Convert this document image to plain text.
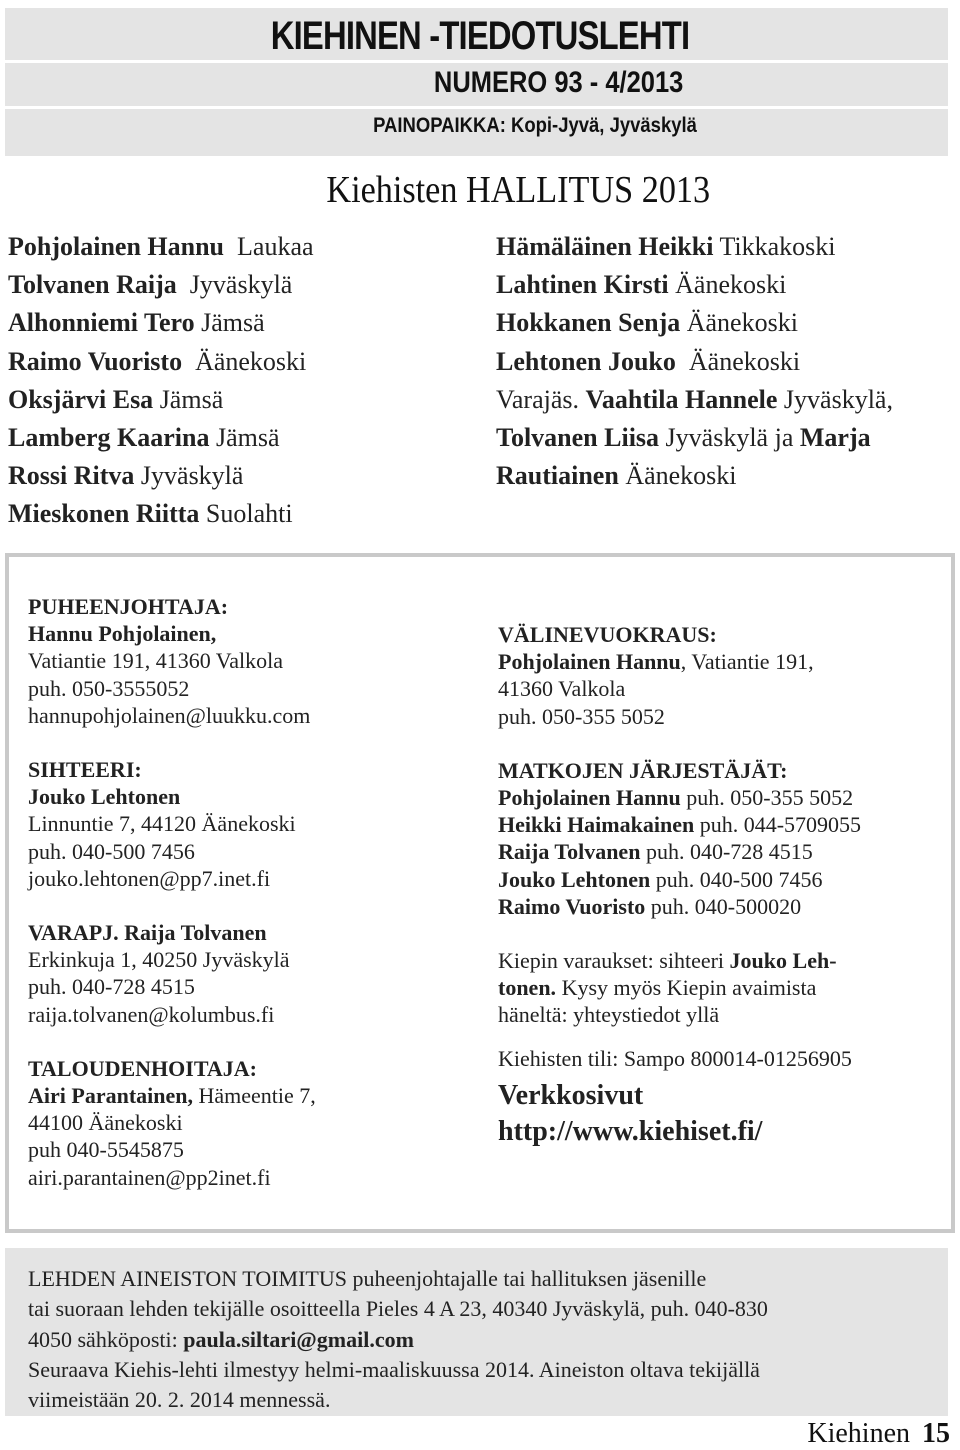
KIEHINEN -TIEDOTUSLEHTI
NUMERO 93 - 4/2013
PAINOPAIKKA: Kopi-Jyvä, Jyväskylä
Kiehisten HALLITUS 2013
Pohjolainen Hannu Laukaa
Tolvanen Raija Jyväskylä
Alhonniemi Tero Jämsä
Raimo Vuoristo Äänekoski
Oksjärvi Esa Jämsä
Lamberg Kaarina Jämsä
Rossi Ritva Jyväskylä
Mieskonen Riitta Suolahti
Hämäläinen Heikki Tikkakoski
Lahtinen Kirsti Äänekoski
Hokkanen Senja Äänekoski
Lehtonen Jouko Äänekoski
Varajäs. Vaahtila Hannele Jyväskylä,
Tolvanen Liisa Jyväskylä ja Marja
Rautiainen Äänekoski

PUHEENJOHTAJA:

Hannu Pohjolainen,

Vatiantie 191, 41360 Valkola

puh. 050-3555052

hannupohjolainen@luukku.com

SIHTEERI:

Jouko Lehtonen

Linnuntie 7, 44120 Äänekoski

puh. 040-500 7456

jouko.lehtonen@pp7.inet.fi

VARAPJ. Raija Tolvanen

Erkinkuja 1, 40250 Jyväskylä

puh. 040-728 4515

raija.tolvanen@kolumbus.fi

TALOUDENHOITAJA:

Airi Parantainen, Hämeentie 7,

44100 Äänekoski

puh 040-5545875

airi.parantainen@pp2inet.fi

VÄLINEVUOKRAUS:

Pohjolainen Hannu, Vatiantie 191,

41360 Valkola

puh. 050-355 5052

MATKOJEN JÄRJESTÄJÄT:

Pohjolainen Hannu puh. 050-355 5052

Heikki Haimakainen puh. 044-5709055

Raija Tolvanen puh. 040-728 4515

Jouko Lehtonen puh. 040-500 7456

Raimo Vuoristo puh. 040-500020

Kiepin varaukset: sihteeri Jouko Leh-

tonen. Kysy myös Kiepin avaimista

häneltä: yhteystiedot yllä

Kiehisten tili: Sampo 800014-01256905

Verkkosivut
http://www.kiehiset.fi/
LEHDEN AINEISTON TOIMITUS puheenjohtajalle tai hallituksen jäsenille
tai suoraan lehden tekijälle osoitteella Pieles 4 A 23, 40340 Jyväskylä, puh. 040-830
4050 sähköposti: paula.siltari@gmail.com
Seuraava Kiehis-lehti ilmestyy helmi-maaliskuussa 2014. Aineiston oltava tekijällä
viimeistään 20. 2. 2014 mennessä.
Kiehinen 15
